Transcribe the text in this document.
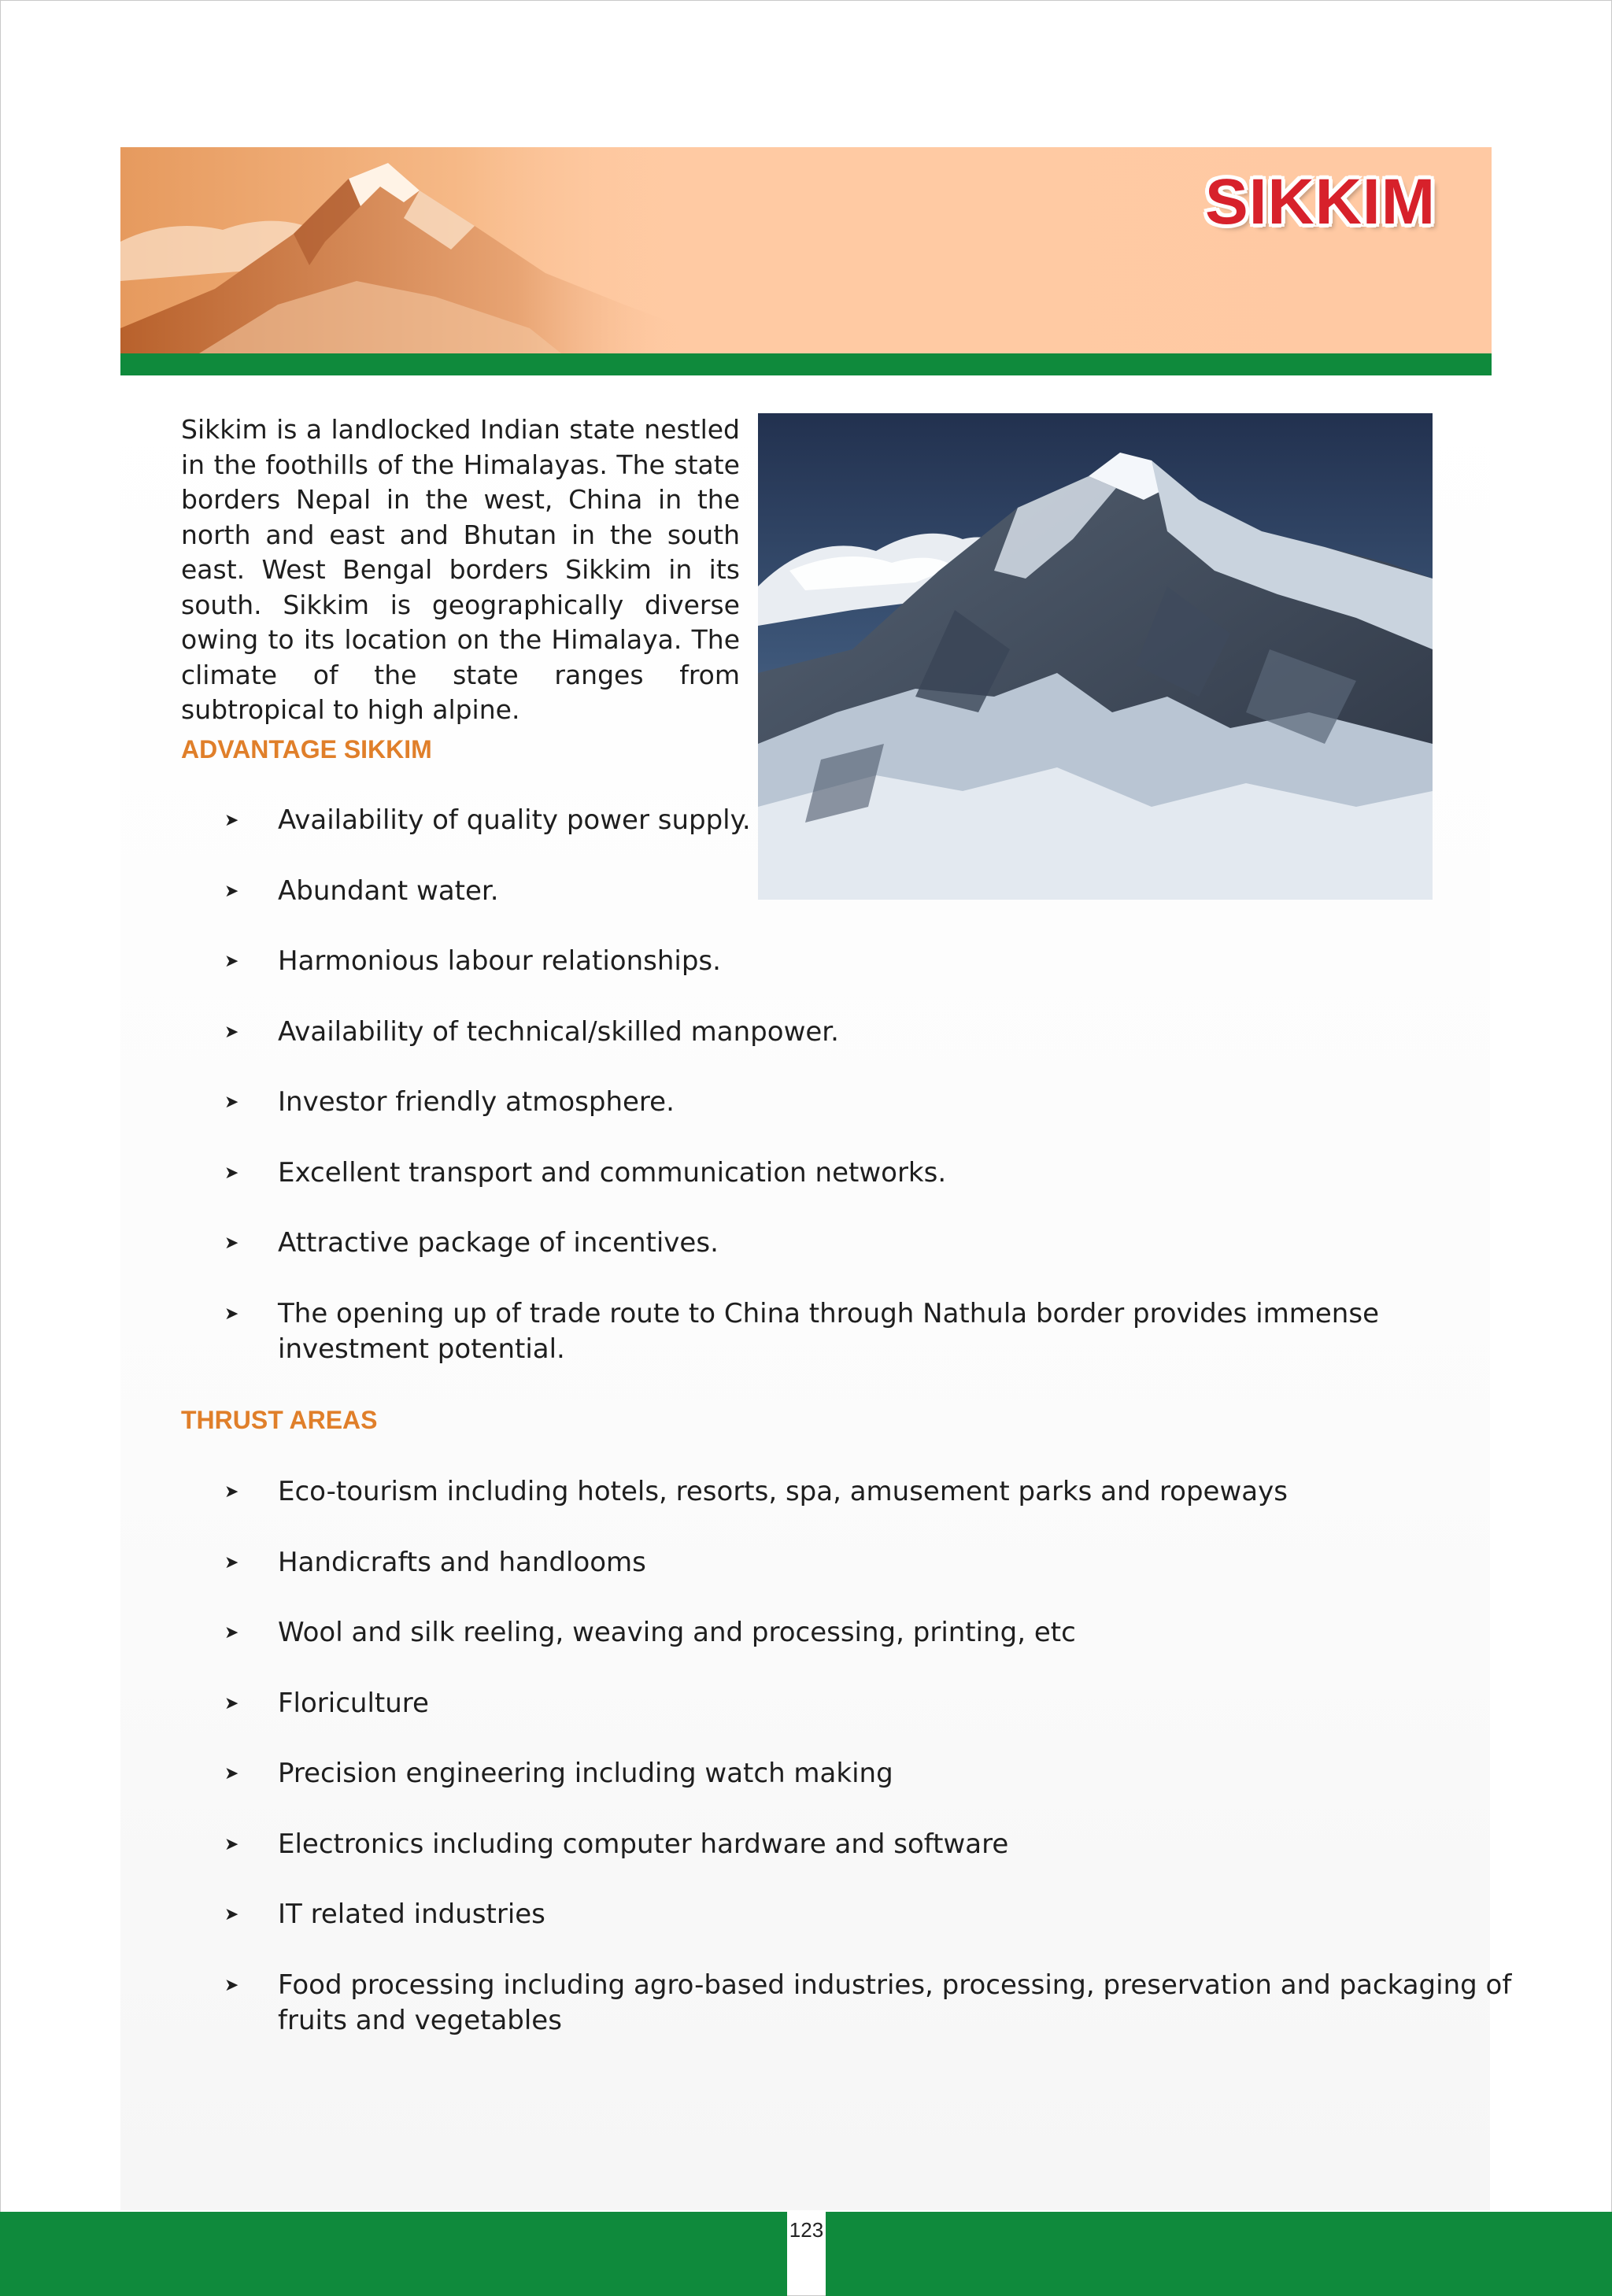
SIKKIM

Sikkim is a landlocked Indian state nestled in the foothills of the Himalayas. The state borders Nepal in the west, China in the north and east and Bhutan in the south east. West Bengal borders Sikkim in its south. Sikkim is geographically diverse owing to its location on the Himalaya. The climate of the state ranges from subtropical to high alpine.

ADVANTAGE SIKKIM
➤ Availability of quality power supply.
➤ Abundant water.
➤ Harmonious labour relationships.
➤ Availability of technical/skilled manpower.
➤ Investor friendly atmosphere.
➤ Excellent transport and communication networks.
➤ Attractive package of incentives.
➤ The opening up of trade route to China through Nathula border provides immense investment potential.
THRUST AREAS
➤ Eco-tourism including hotels, resorts, spa, amusement parks and ropeways
➤ Handicrafts and handlooms
➤ Wool and silk reeling, weaving and processing, printing, etc
➤ Floriculture
➤ Precision engineering including watch making
➤ Electronics including computer hardware and software
➤ IT related industries
➤ Food processing including agro-based industries, processing, preservation and packaging of fruits and vegetables
123
